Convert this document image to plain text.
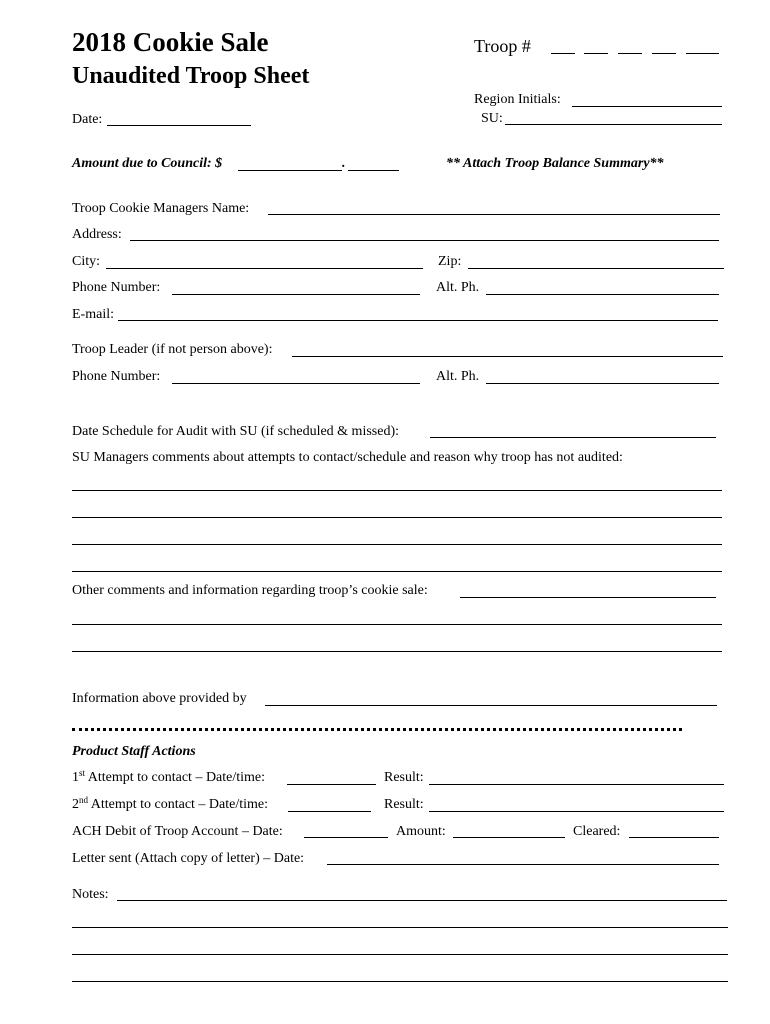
2018 Cookie Sale
Unaudited Troop Sheet
Troop #
Region Initials:
SU:
Date:
Amount due to Council: $	.	** Attach Troop Balance Summary**
Troop Cookie Managers Name:
Address:
City:	Zip:
Phone Number:	Alt. Ph.
E-mail:
Troop Leader (if not person above):
Phone Number:	Alt. Ph.
Date Schedule for Audit with SU (if scheduled & missed):
SU Managers comments about attempts to contact/schedule and reason why troop has not audited:
Other comments and information regarding troop’s cookie sale:
Information above provided by
Product Staff Actions
1st Attempt to contact – Date/time:	Result:
2nd Attempt to contact – Date/time:	Result:
ACH Debit of Troop Account – Date:	Amount:	Cleared:
Letter sent (Attach copy of letter) – Date:
Notes:
